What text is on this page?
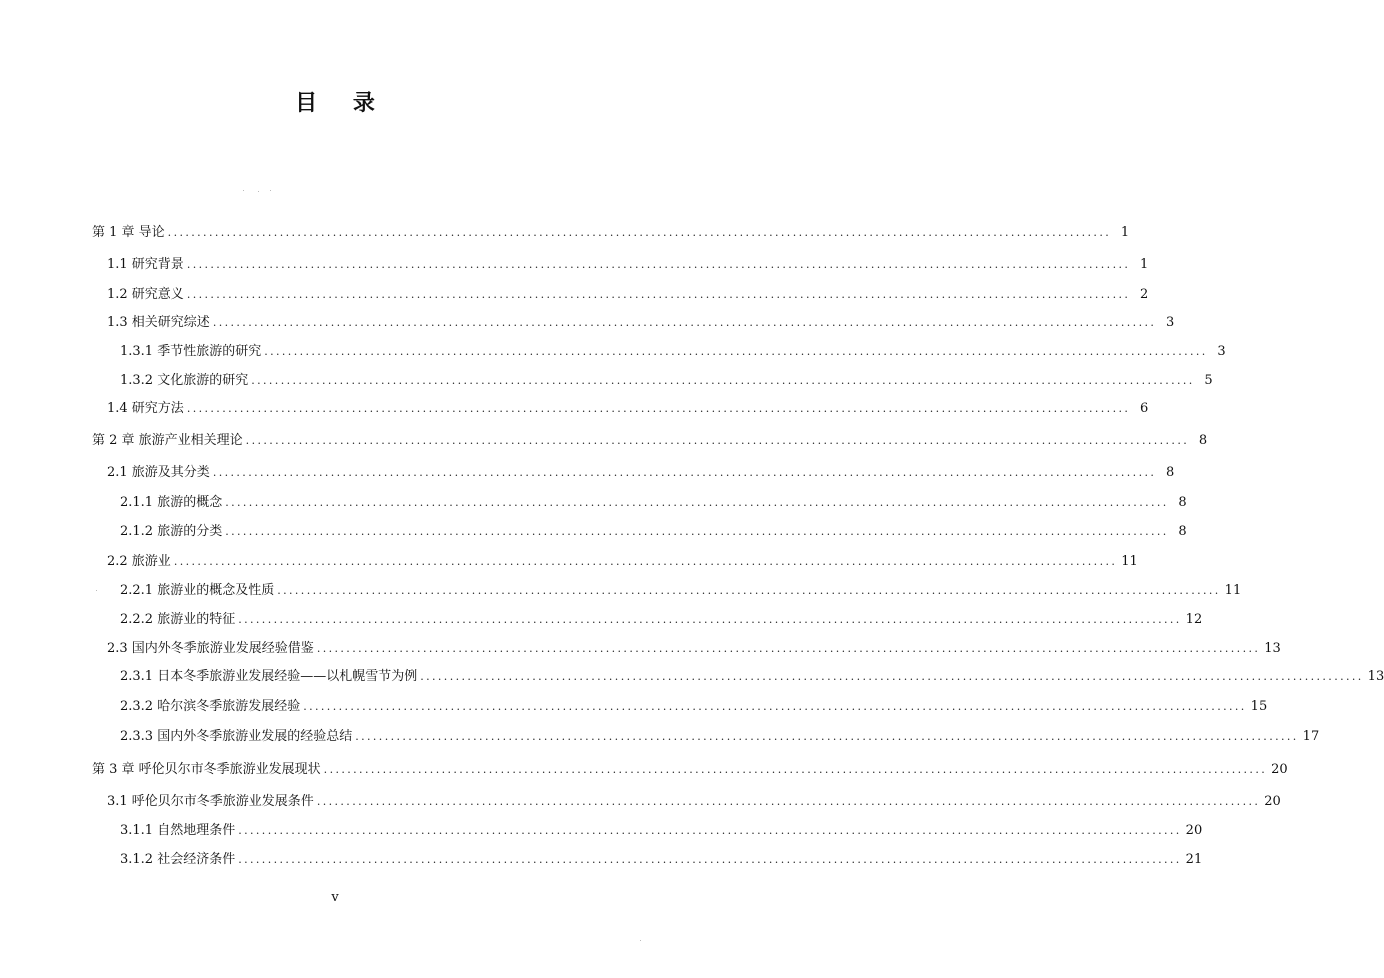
目 录
第 1 章 导论 ................................................................................................................................................................ 1
1.1 研究背景 ................................................................................................................................................................ 1
1.2 研究意义 ................................................................................................................................................................ 2
1.3 相关研究综述 ................................................................................................................................................................ 3
1.3.1 季节性旅游的研究 ................................................................................................................................................................ 3
1.3.2 文化旅游的研究 ................................................................................................................................................................ 5
1.4 研究方法 ................................................................................................................................................................ 6
第 2 章 旅游产业相关理论 ................................................................................................................................................................ 8
2.1 旅游及其分类 ................................................................................................................................................................ 8
2.1.1 旅游的概念 ................................................................................................................................................................ 8
2.1.2 旅游的分类 ................................................................................................................................................................ 8
2.2 旅游业 ................................................................................................................................................................ 11
2.2.1 旅游业的概念及性质 ................................................................................................................................................................ 11
2.2.2 旅游业的特征 ................................................................................................................................................................ 12
2.3 国内外冬季旅游业发展经验借鉴 ................................................................................................................................................................ 13
2.3.1 日本冬季旅游业发展经验——以札幌雪节为例 ................................................................................................................................................................ 13
2.3.2 哈尔滨冬季旅游发展经验 ................................................................................................................................................................ 15
2.3.3 国内外冬季旅游业发展的经验总结 ................................................................................................................................................................ 17
第 3 章 呼伦贝尔市冬季旅游业发展现状 ................................................................................................................................................................ 20
3.1 呼伦贝尔市冬季旅游业发展条件 ................................................................................................................................................................ 20
3.1.1 自然地理条件 ................................................................................................................................................................ 20
3.1.2 社会经济条件 ................................................................................................................................................................ 21
v
